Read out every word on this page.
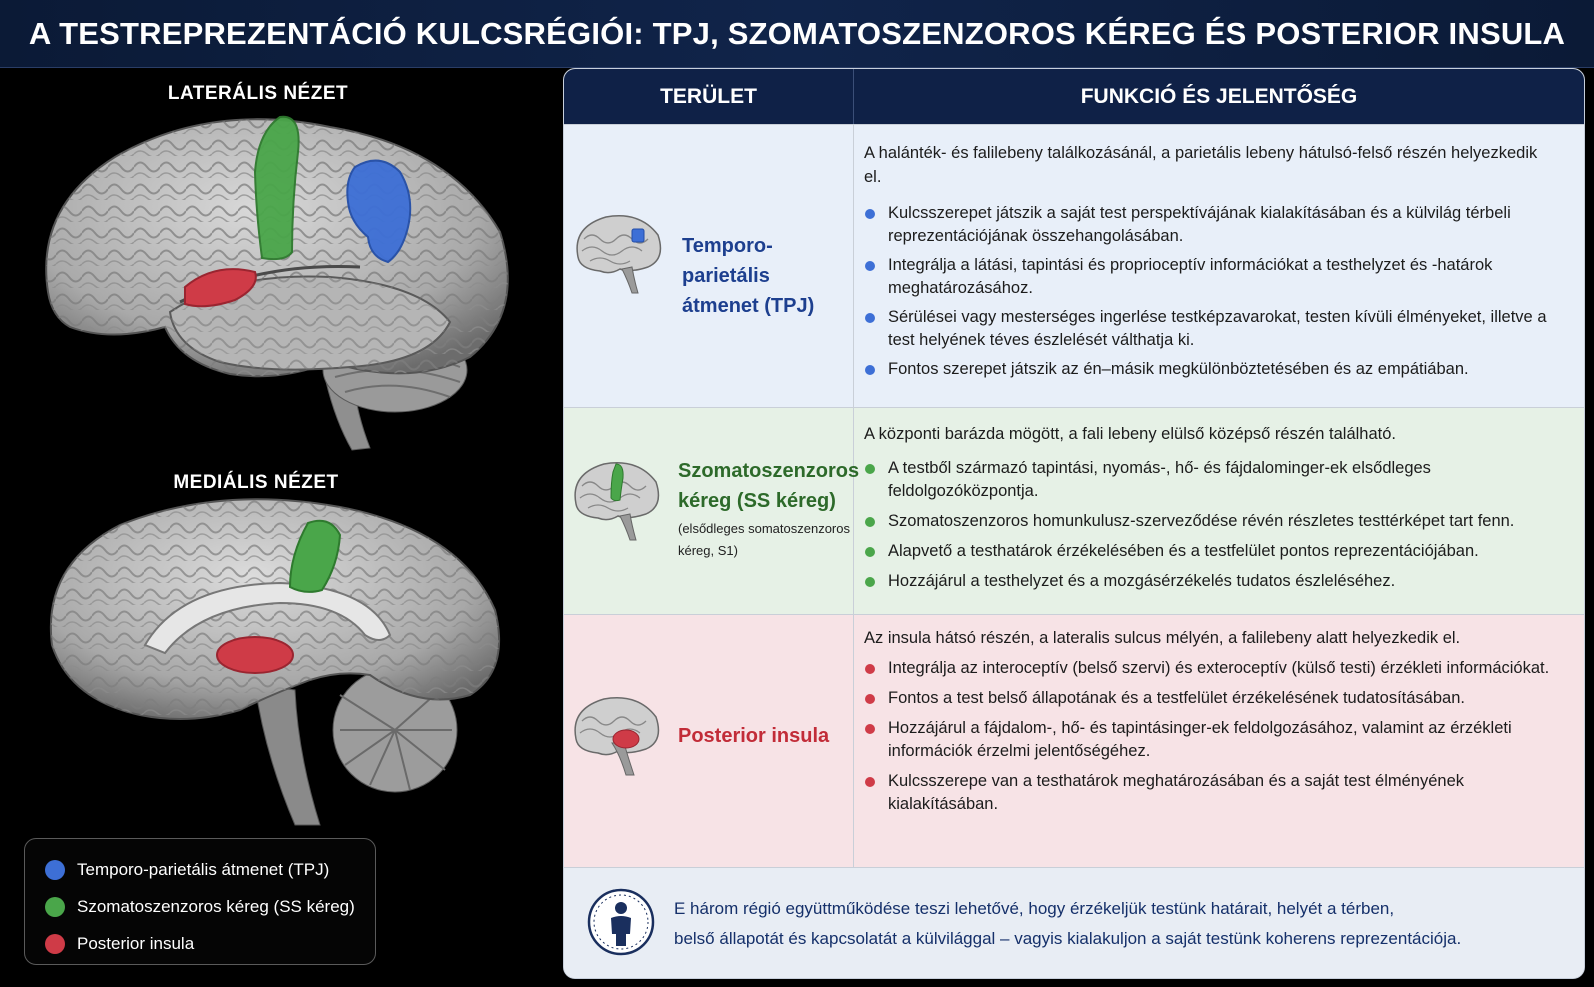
A TESTREPREZENTÁCIÓ KULCSRÉGIÓI: TPJ, SZOMATOSZENZOROS KÉREG ÉS POSTERIOR INSULA
LATERÁLIS NÉZET
MEDIÁLIS NÉZET
Temporo-parietális átmenet (TPJ)
Szomatoszenzoros kéreg (SS kéreg)
Posterior insula
TERÜLET	FUNKCIÓ ÉS JELENTŐSÉG
Temporo-parietális
átmenet (TPJ)

A halánték- és falilebeny találkozásánál, a parietális lebeny hátulsó-felső részén helyezkedik el.

Kulcsszerepet játszik a saját test perspektívájának kialakításában és a külvilág térbeli reprezentációjának összehangolásában.
Integrálja a látási, tapintási és proprioceptív információkat a testhelyzet és -határok meghatározásához.
Sérülései vagy mesterséges ingerlése testképzavarokat, testen kívüli élményeket, illetve a test helyének téves észlelését válthatja ki.
Fontos szerepet játszik az én–másik megkülönböztetésében és az empátiában.
Szomatoszenzoros
kéreg (SS kéreg)
(elsődleges somatoszenzoros
kéreg, S1)

A központi barázda mögött, a fali lebeny elülső középső részén található.

A testből származó tapintási, nyomás-, hő- és fájdalominger-ek elsődleges feldolgozóközpontja.
Szomatoszenzoros homunkulusz-szerveződése révén részletes testtérképet tart fenn.
Alapvető a testhatárok érzékelésében és a testfelület pontos reprezentációjában.
Hozzájárul a testhelyzet és a mozgásérzékelés tudatos észleléséhez.
Posterior insula

Az insula hátsó részén, a lateralis sulcus mélyén, a falilebeny alatt helyezkedik el.

Integrálja az interoceptív (belső szervi) és exteroceptív (külső testi) érzékleti információkat.
Fontos a test belső állapotának és a testfelület érzékelésének tudatosításában.
Hozzájárul a fájdalom-, hő- és tapintásinger-ek feldolgozásához, valamint az érzékleti információk érzelmi jelentőségéhez.
Kulcsszerepe van a testhatárok meghatározásában és a saját test élményének kialakításában.

E három régió együttműködése teszi lehetővé, hogy érzékeljük testünk határait, helyét a térben,
belső állapotát és kapcsolatát a külvilággal – vagyis kialakuljon a saját testünk koherens reprezentációja.
